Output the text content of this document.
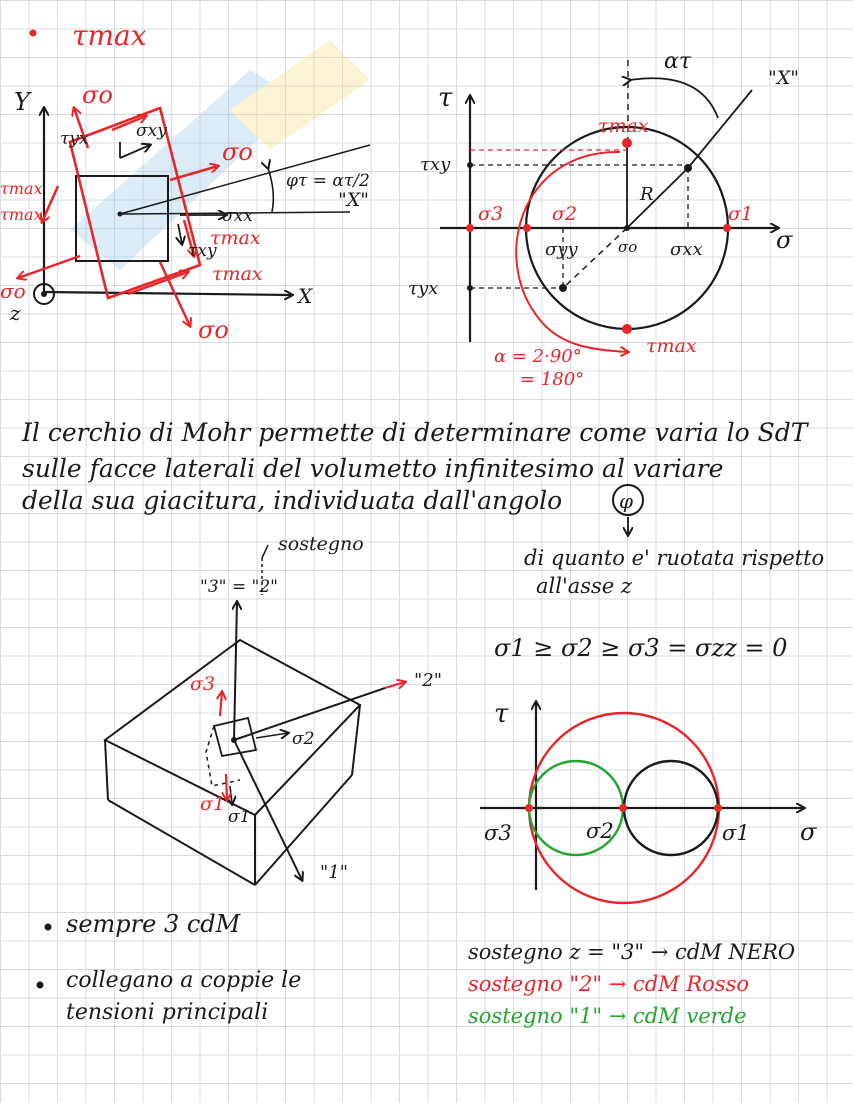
τmax
Y
X
z
σo
σo
σo
σo
σxy
τyx
σxx
τxy
τmax
τmax
τmax
τmax
φτ = ατ/2
"X"
τ
σ
ατ
"X"
τmax
τmax
τxy
τyx
R
σ3	σ2	σ1
σyy	σo σxx
α = 2·90°
= 180°
φ
sostegno
"3" = "2"
"2"
"1"
σ3
σ2
σ1
σ1
σ1 ≥ σ2 ≥ σ3 = σzz = 0
τ
σ
σ3	σ2	σ1
Il cerchio di Mohr permette di determinare come varia lo SdT
sulle facce laterali del volumetto infinitesimo al variare
della sua giacitura, individuata dall'angolo
di quanto e' ruotata rispetto
all'asse z
sempre 3 cdM
collegano a coppie le
tensioni principali
sostegno z = "3" → cdM NERO
sostegno "2" → cdM Rosso
sostegno "1" → cdM verde
